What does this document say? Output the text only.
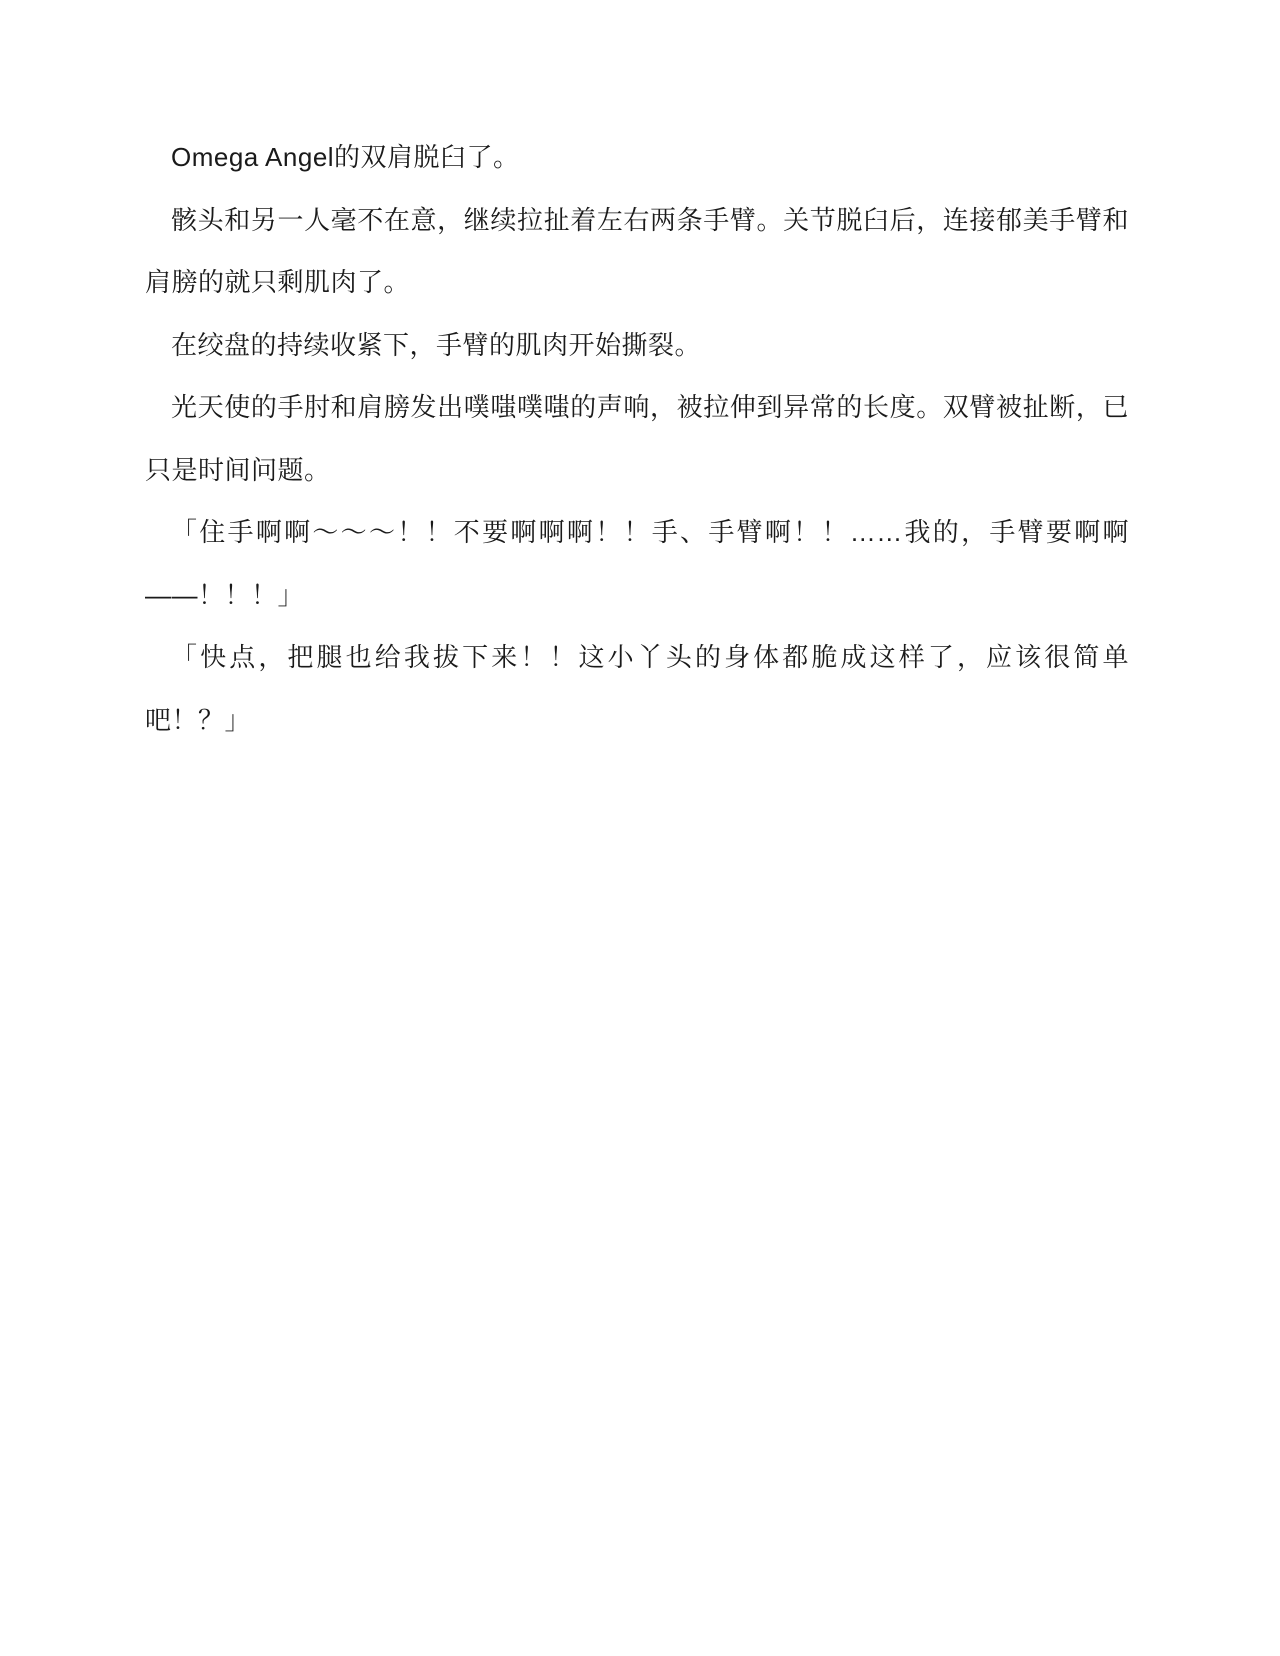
Omega Angel的双肩脱臼了。

骸头和另一人毫不在意，继续拉扯着左右两条手臂。关节脱臼后，连接郁美手臂和肩膀的就只剩肌肉了。

在绞盘的持续收紧下，手臂的肌肉开始撕裂。

光天使的手肘和肩膀发出噗嗤噗嗤的声响，被拉伸到异常的长度。双臂被扯断，已只是时间问题。

「住手啊啊～～～！！不要啊啊啊！！手、手臂啊！！……我的，手臂要啊啊——！！！」

「快点，把腿也给我拔下来！！这小丫头的身体都脆成这样了，应该很简单吧！？」
